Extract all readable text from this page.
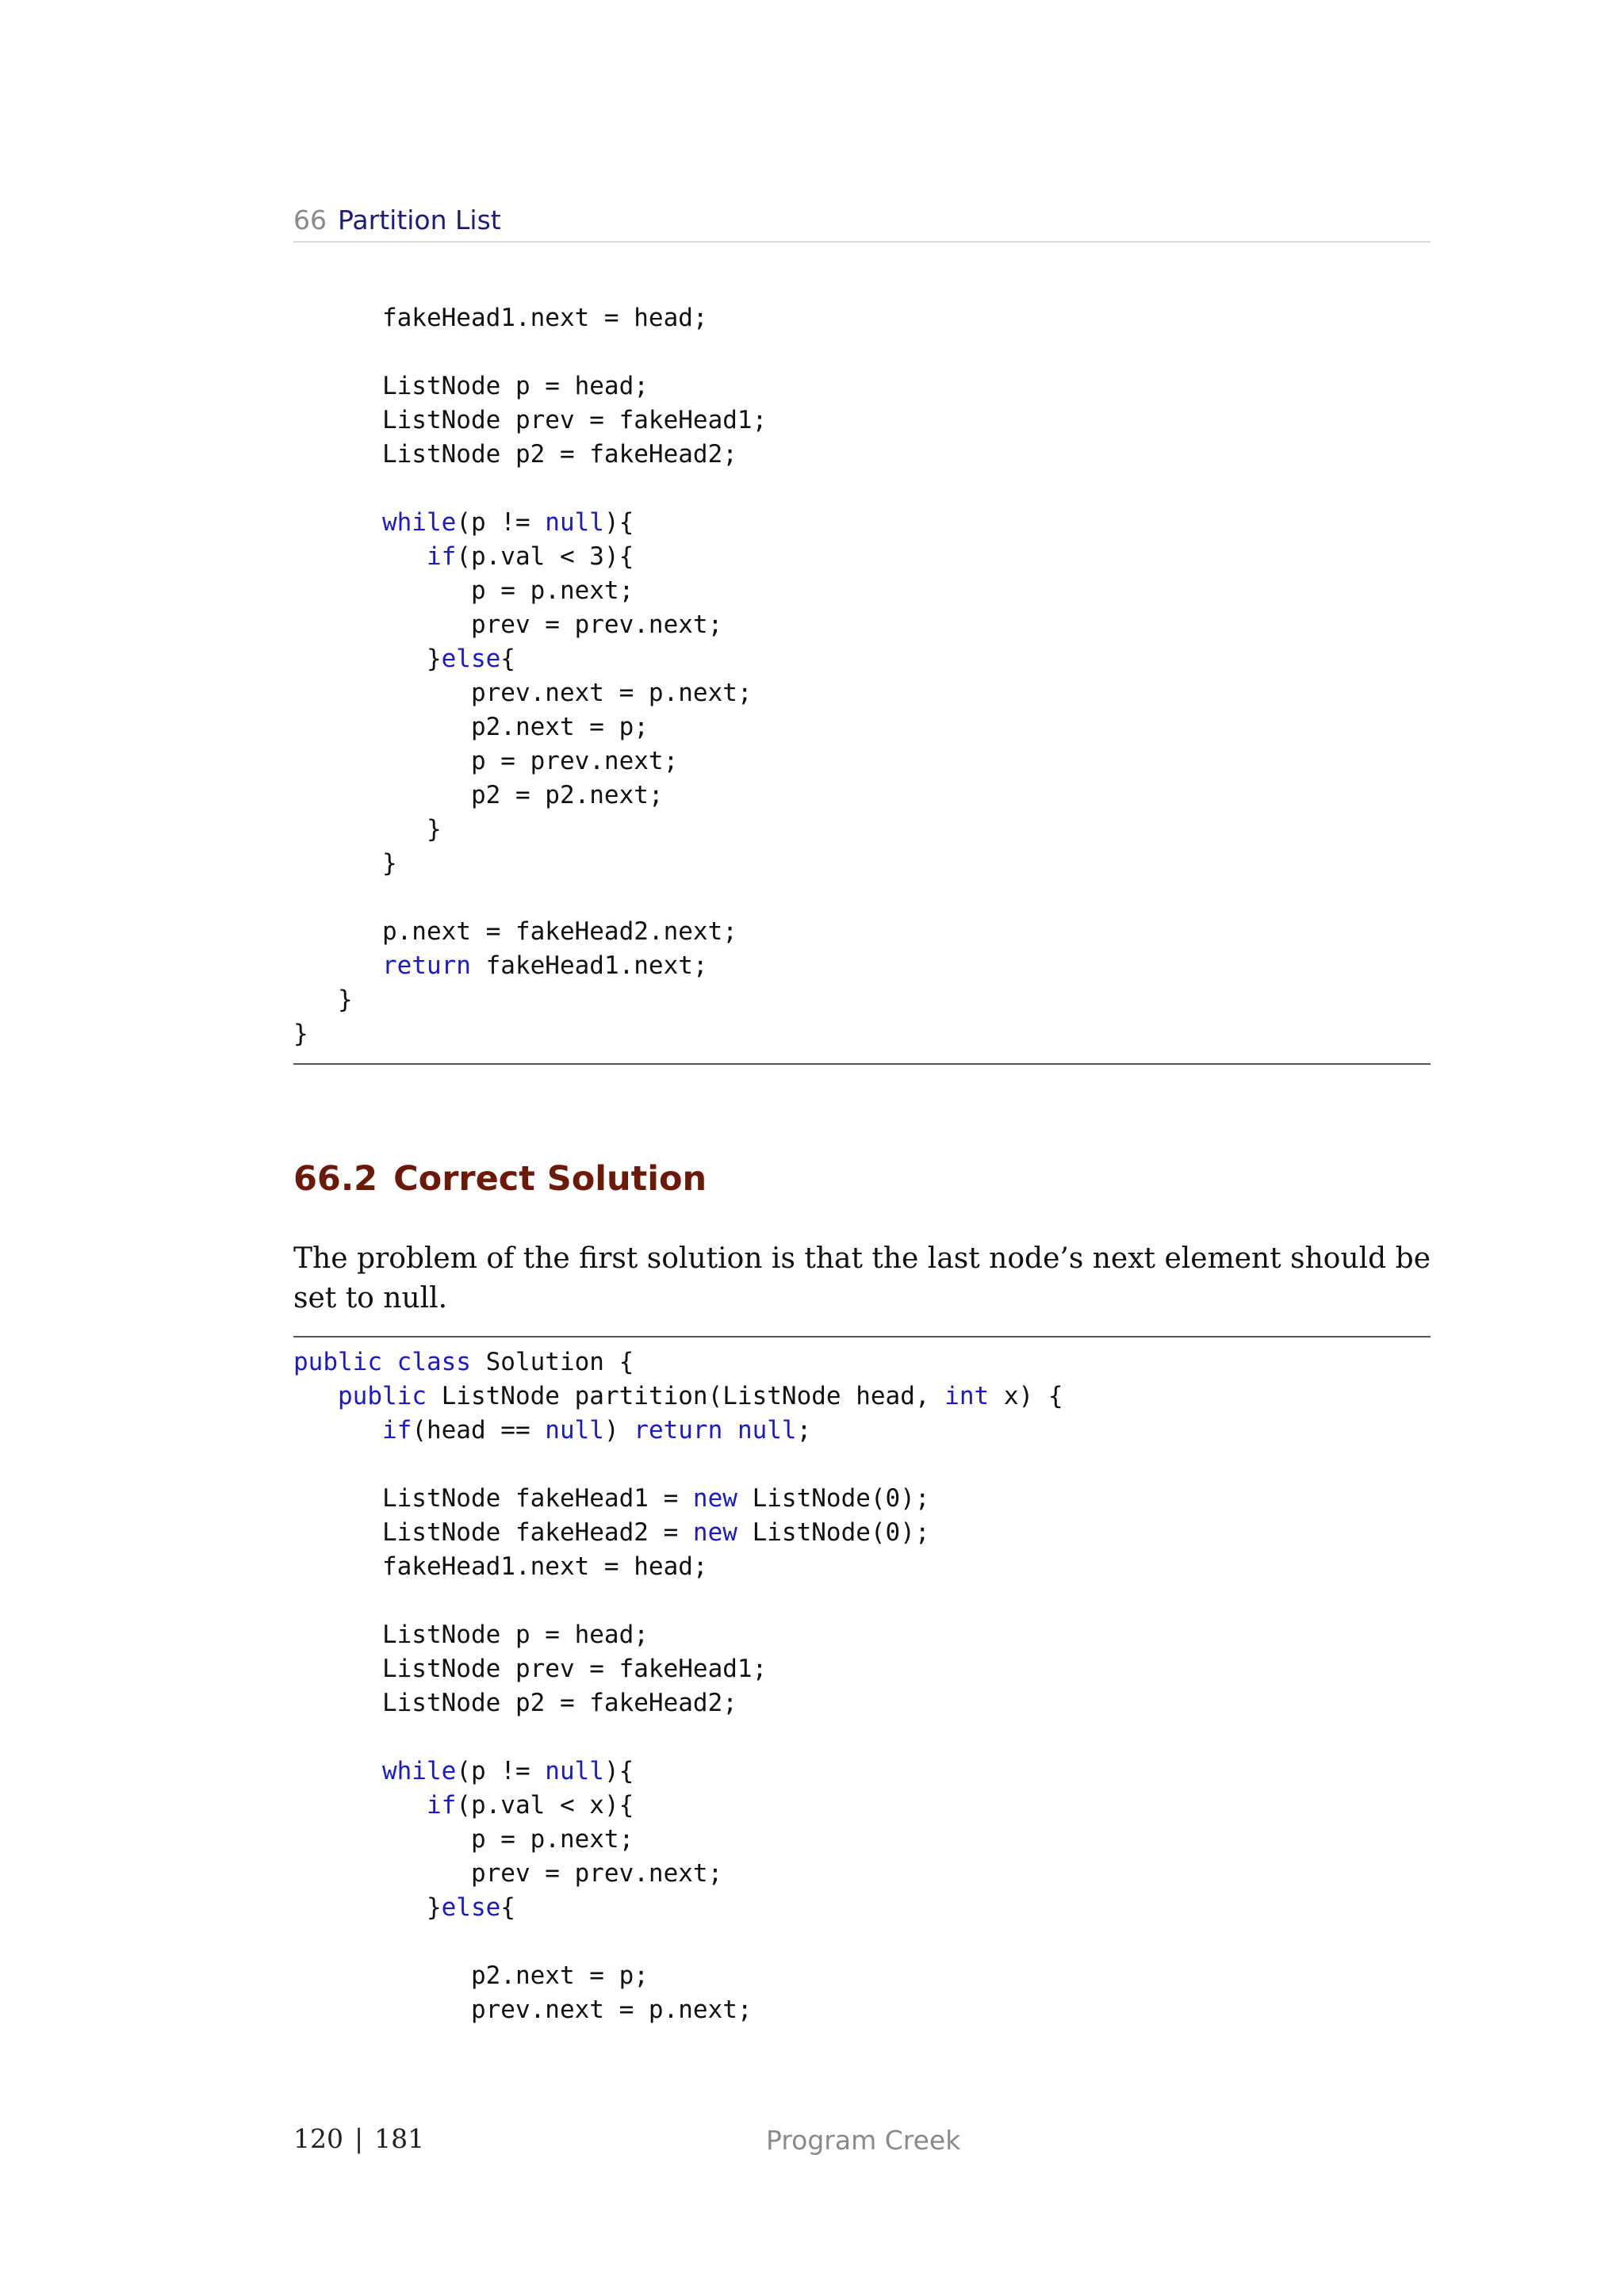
66 Partition List
fakeHead1.next = head;
ListNode p = head;
ListNode prev = fakeHead1;
ListNode p2 = fakeHead2;
while(p != null){
if(p.val < 3){
p = p.next;
prev = prev.next;
}else{
prev.next = p.next;
p2.next = p;
p = prev.next;
p2 = p2.next;
}
}
p.next = fakeHead2.next;
return fakeHead1.next;
}
}
66.2 Correct Solution

The problem of the first solution is that the last node’s next element should be set to null.

public class Solution {
public ListNode partition(ListNode head, int x) {
if(head == null) return null;
ListNode fakeHead1 = new ListNode(0);
ListNode fakeHead2 = new ListNode(0);
fakeHead1.next = head;
ListNode p = head;
ListNode prev = fakeHead1;
ListNode p2 = fakeHead2;
while(p != null){
if(p.val < x){
p = p.next;
prev = prev.next;
}else{
p2.next = p;
prev.next = p.next;
120 | 181	Program Creek
